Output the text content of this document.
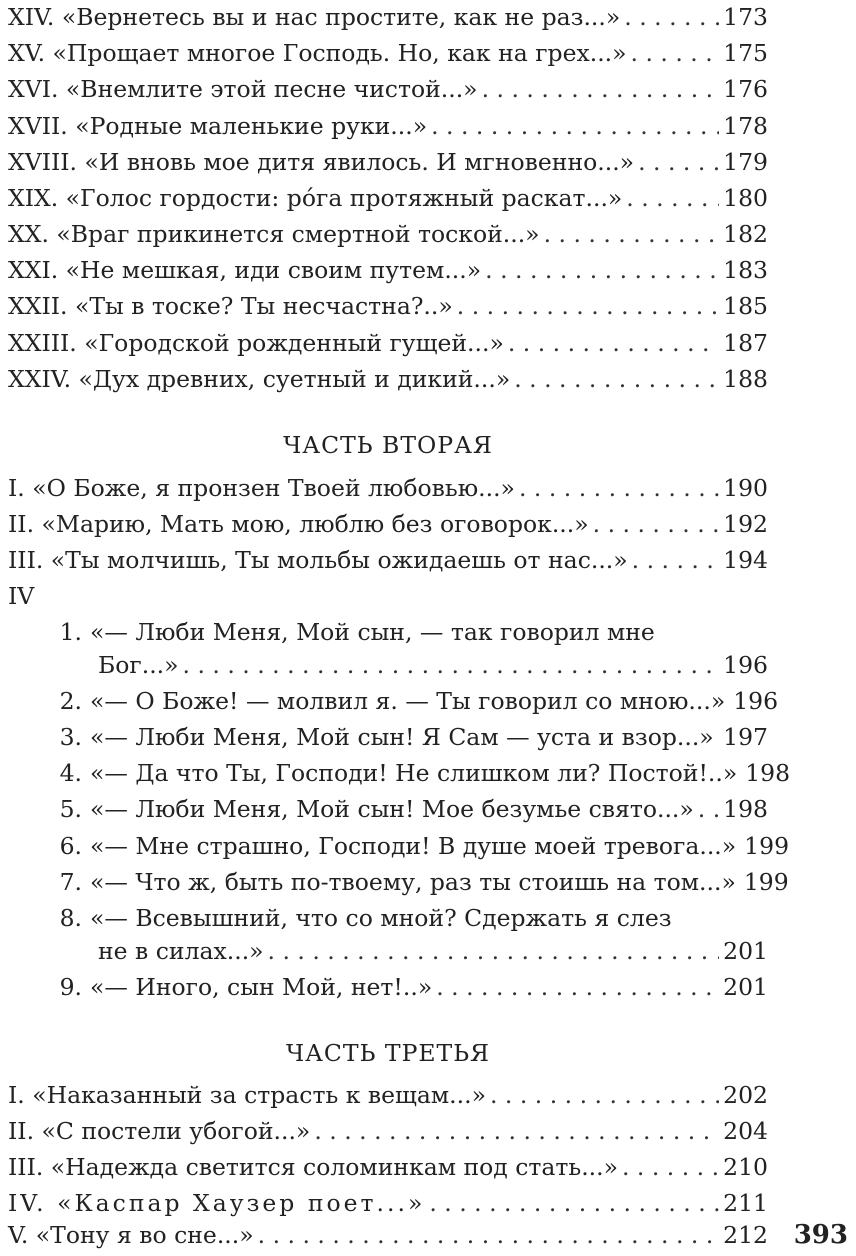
XIV. «Вернетесь вы и нас простите, как не раз...» . . .	173
XV. «Прощает многое Господь. Но, как на грех...» . . .	175
XVI. «Внемлите этой песне чистой...» . . .	176
XVII. «Родные маленькие руки...» . . .	178
XVIII. «И вновь мое дитя явилось. И мгновенно...» . . .	179
XIX. «Голос гордости: ро́га протяжный раскат...» . . .	180
XX. «Враг прикинется смертной тоской...» . . .	182
XXI. «Не мешкая, иди своим путем...» . . .	183
XXII. «Ты в тоске? Ты несчастна?..» . . .	185
XXIII. «Городской рожденный гущей...» . . .	187
XXIV. «Дух древних, суетный и дикий...» . . .	188
ЧАСТЬ ВТОРАЯ
I. «О Боже, я пронзен Твоей любовью...» . . .	190
II. «Марию, Мать мою, люблю без оговорок...» . . .	192
III. «Ты молчишь, Ты мольбы ожидаешь от нас...» . . .	194
IV
1. «— Люби Меня, Мой сын, — так говорил мне
Бог...» . . .	196
2. «— О Боже! — молвил я. — Ты говорил со мною...» 196
3. «— Люби Меня, Мой сын! Я Сам — уста и взор...» . . . 197
4. «— Да что Ты, Господи! Не слишком ли? Постой!..» 198
5. «— Люби Меня, Мой сын! Мое безумье свято...» . . . 198
6. «— Мне страшно, Господи! В душе моей тревога...» 199
7. «— Что ж, быть по-твоему, раз ты стоишь на том...» 199
8. «— Всевышний, что со мной? Сдержать я слез
не в силах...» . . .	201
9. «— Иного, сын Мой, нет!..» . . .	201
ЧАСТЬ ТРЕТЬЯ
I. «Наказанный за страсть к вещам...» . . .	202
II. «С постели убогой...» . . .	204
III. «Надежда светится соломинкам под стать...» . . .	210
IV. «Каспар Хаузер поет...» . . .	211
V. «Тону я во сне...» . . .	212 393
